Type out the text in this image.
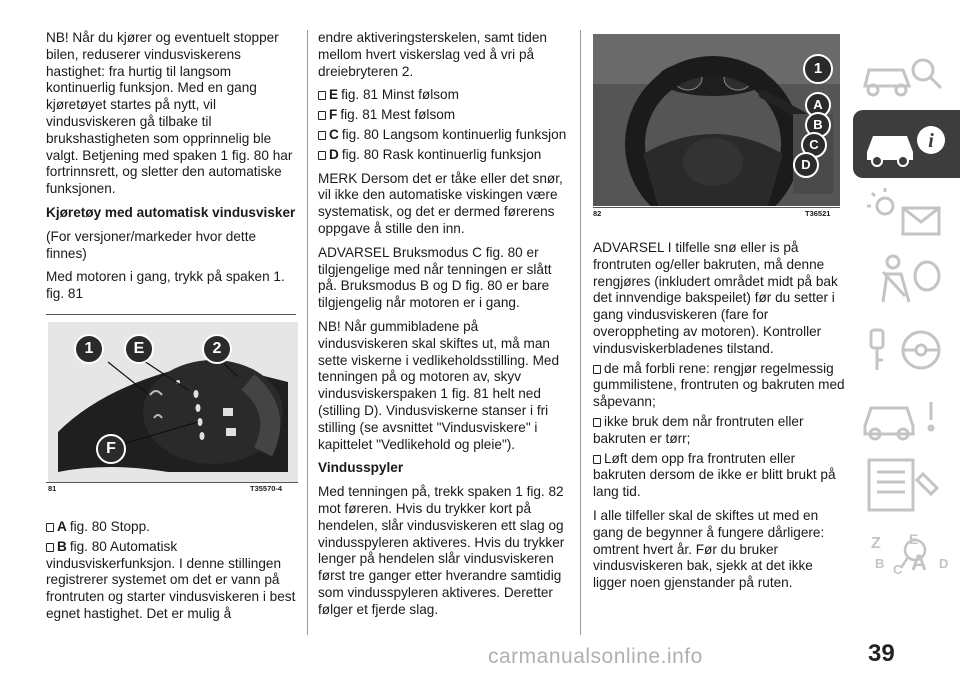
NB! Når du kjører og eventuelt stopper bilen, reduserer vindusviskerens hastighet: fra hurtig til langsom kontinuerlig funksjon. Med en gang kjøretøyet startes på nytt, vil vindusviskeren gå tilbake til brukshastigheten som opprinnelig ble valgt. Betjening med spaken 1 fig. 80 har fortrinnsrett, og sletter den automatiske funksjonen.

Kjøretøy med automatisk vindusvisker

(For versjoner/markeder hvor dette finnes)

Med motoren i gang, trykk på spaken 1. fig. 81

1	E	2
F
81	T35570-4
A fig. 80 Stopp.
B fig. 80 Automatisk vindusviskerfunksjon. I denne stillingen registrerer systemet om det er vann på frontruten og starter vindusviskeren i best egnet hastighet. Det er mulig å

endre aktiveringsterskelen, samt tiden mellom hvert viskerslag ved å vri på dreiebryteren 2.

E fig. 81 Minst følsom
F fig. 81 Mest følsom
C fig. 80 Langsom kontinuerlig funksjon
D fig. 80 Rask kontinuerlig funksjon

MERK Dersom det er tåke eller det snør, vil ikke den automatiske viskingen være systematisk, og det er dermed førerens oppgave å stille den inn.

ADVARSEL Bruksmodus C fig. 80 er tilgjengelige med når tenningen er slått på. Bruksmodus B og D fig. 80 er bare tilgjengelig når motoren er i gang.

NB! Når gummibladene på vindusviskeren skal skiftes ut, må man sette viskerne i vedlikeholdsstilling. Med tenningen på og motoren av, skyv vindusviskerspaken 1 fig. 81 helt ned (stilling D). Vindusviskerne stanser i fri stilling (se avsnittet "Vindusviskere" i kapittelet "Vedlikehold og pleie").

Vindusspyler

Med tenningen på, trekk spaken 1 fig. 82 mot føreren. Hvis du trykker kort på hendelen, slår vindusviskeren ett slag og vindusspyleren aktiveres. Hvis du trykker lenger på hendelen slår vindusviskeren først tre ganger etter hverandre samtidig som vindusspyleren aktiveres. Deretter følger et fjerde slag.

1
A
B
C
D
82	T36521

ADVARSEL I tilfelle snø eller is på frontruten og/eller bakruten, må denne rengjøres (inkludert området midt på bak det innvendige bakspeilet) før du setter i gang vindusviskeren (fare for overoppheting av motoren). Kontroller vindusviskerbladenes tilstand.

de må forbli rene: rengjør regelmessig gummilistene, frontruten og bakruten med såpevann;
ikke bruk dem når frontruten eller bakruten er tørr;
Løft dem opp fra frontruten eller bakruten dersom de ikke er blitt brukt på lang tid.

I alle tilfeller skal de skiftes ut med en gang de begynner å fungere dårligere: omtrent hvert år. Før du bruker vindusviskeren bak, sjekk at det ikke ligger noen gjenstander på ruten.

i
Z E
B C A D
39
carmanualsonline.info
